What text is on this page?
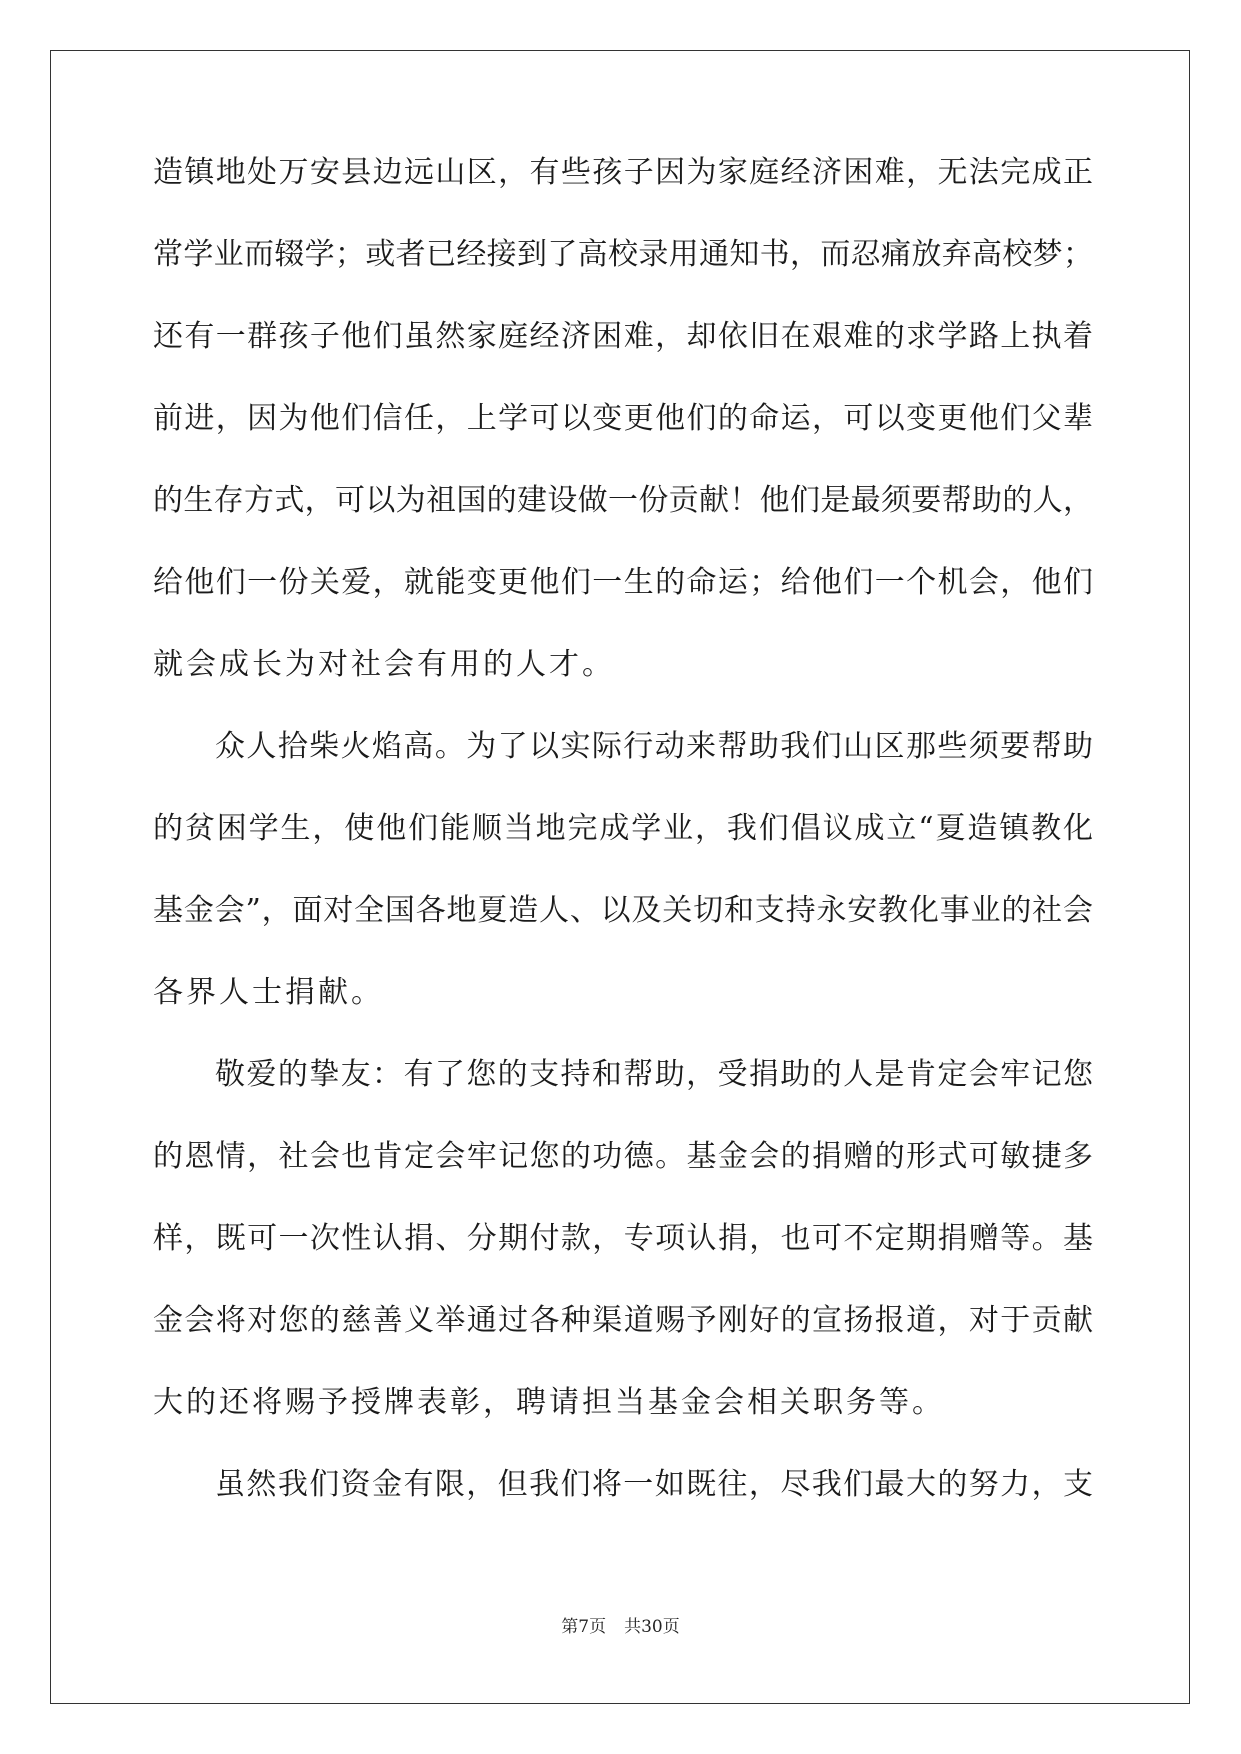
造镇地处万安县边远山区，有些孩子因为家庭经济困难，无法完成正
常学业而辍学；或者已经接到了高校录用通知书，而忍痛放弃高校梦；
还有一群孩子他们虽然家庭经济困难，却依旧在艰难的求学路上执着
前进，因为他们信任，上学可以变更他们的命运，可以变更他们父辈
的生存方式，可以为祖国的建设做一份贡献！他们是最须要帮助的人，
给他们一份关爱，就能变更他们一生的命运；给他们一个机会，他们
就会成长为对社会有用的人才。
众人拾柴火焰高。为了以实际行动来帮助我们山区那些须要帮助
的贫困学生，使他们能顺当地完成学业，我们倡议成立“夏造镇教化
基金会”，面对全国各地夏造人、以及关切和支持永安教化事业的社会
各界人士捐献。
敬爱的挚友：有了您的支持和帮助，受捐助的人是肯定会牢记您
的恩情，社会也肯定会牢记您的功德。基金会的捐赠的形式可敏捷多
样，既可一次性认捐、分期付款，专项认捐，也可不定期捐赠等。基
金会将对您的慈善义举通过各种渠道赐予刚好的宣扬报道，对于贡献
大的还将赐予授牌表彰，聘请担当基金会相关职务等。
虽然我们资金有限，但我们将一如既往，尽我们最大的努力，支
第7页 共30页
